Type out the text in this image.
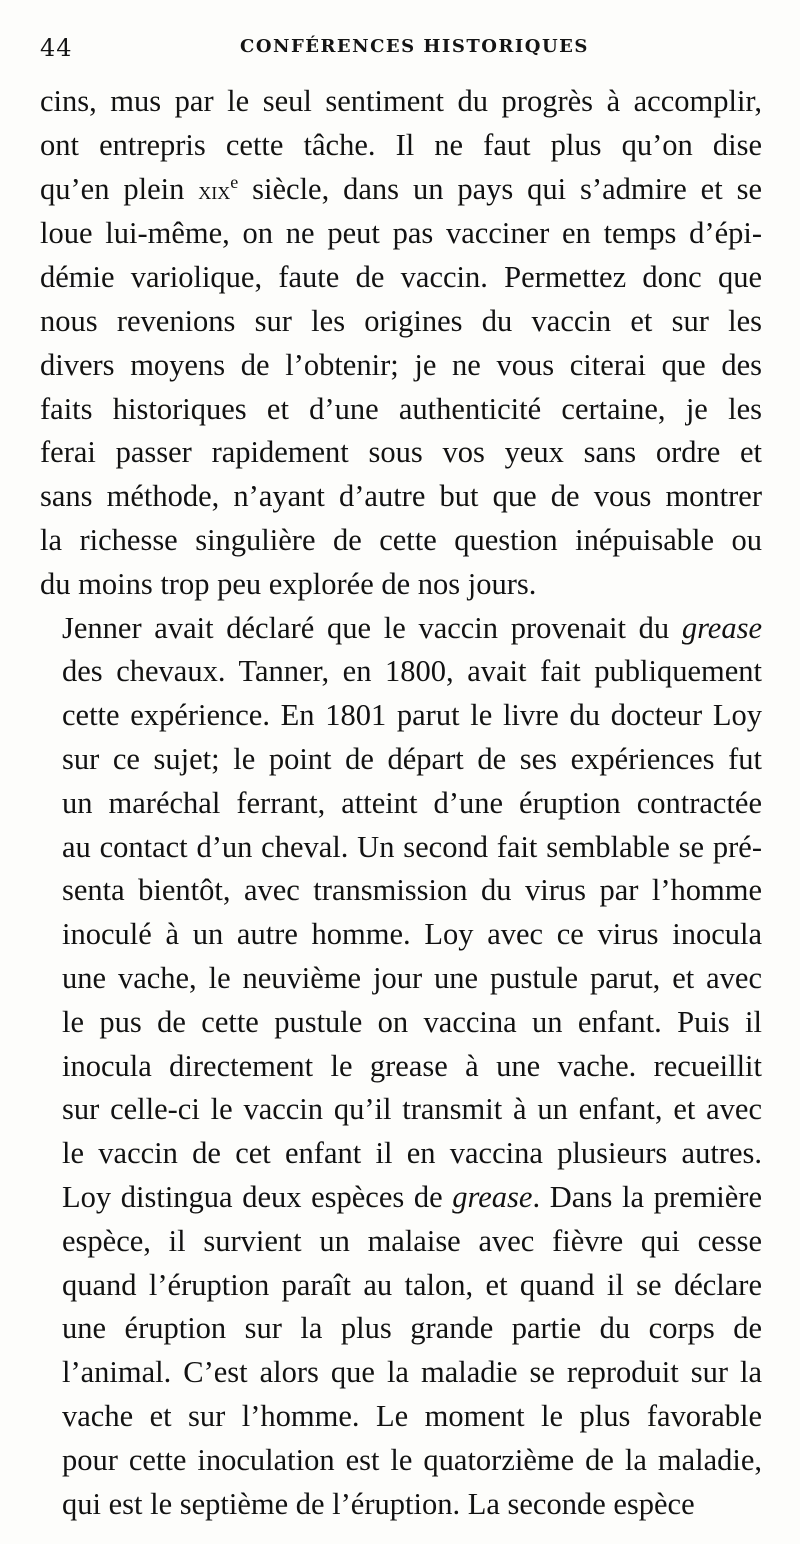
44	CONFÉRENCES HISTORIQUES

cins, mus par le seul sentiment du progrès à accomplir,
ont entrepris cette tâche. Il ne faut plus qu’on dise
qu’en plein xix$^e$ siècle, dans un pays qui s’admire et se
loue lui-même, on ne peut pas vacciner en temps d’épi-
démie variolique, faute de vaccin. Permettez donc que
nous revenions sur les origines du vaccin et sur les
divers moyens de l’obtenir; je ne vous citerai que des
faits historiques et d’une authenticité certaine, je les
ferai passer rapidement sous vos yeux sans ordre et
sans méthode, n’ayant d’autre but que de vous montrer
la richesse singulière de cette question inépuisable ou
du moins trop peu explorée de nos jours.

Jenner avait déclaré que le vaccin provenait du grease
des chevaux. Tanner, en 1800, avait fait publiquement
cette expérience. En 1801 parut le livre du docteur Loy
sur ce sujet; le point de départ de ses expériences fut
un maréchal ferrant, atteint d’une éruption contractée
au contact d’un cheval. Un second fait semblable se pré-
senta bientôt, avec transmission du virus par l’homme
inoculé à un autre homme. Loy avec ce virus inocula
une vache, le neuvième jour une pustule parut, et avec
le pus de cette pustule on vaccina un enfant. Puis il
inocula directement le grease à une vache. recueillit
sur celle-ci le vaccin qu’il transmit à un enfant, et avec
le vaccin de cet enfant il en vaccina plusieurs autres.
Loy distingua deux espèces de grease. Dans la première
espèce, il survient un malaise avec fièvre qui cesse
quand l’éruption paraît au talon, et quand il se déclare
une éruption sur la plus grande partie du corps de
l’animal. C’est alors que la maladie se reproduit sur la
vache et sur l’homme. Le moment le plus favorable
pour cette inoculation est le quatorzième de la maladie,
qui est le septième de l’éruption. La seconde espèce
